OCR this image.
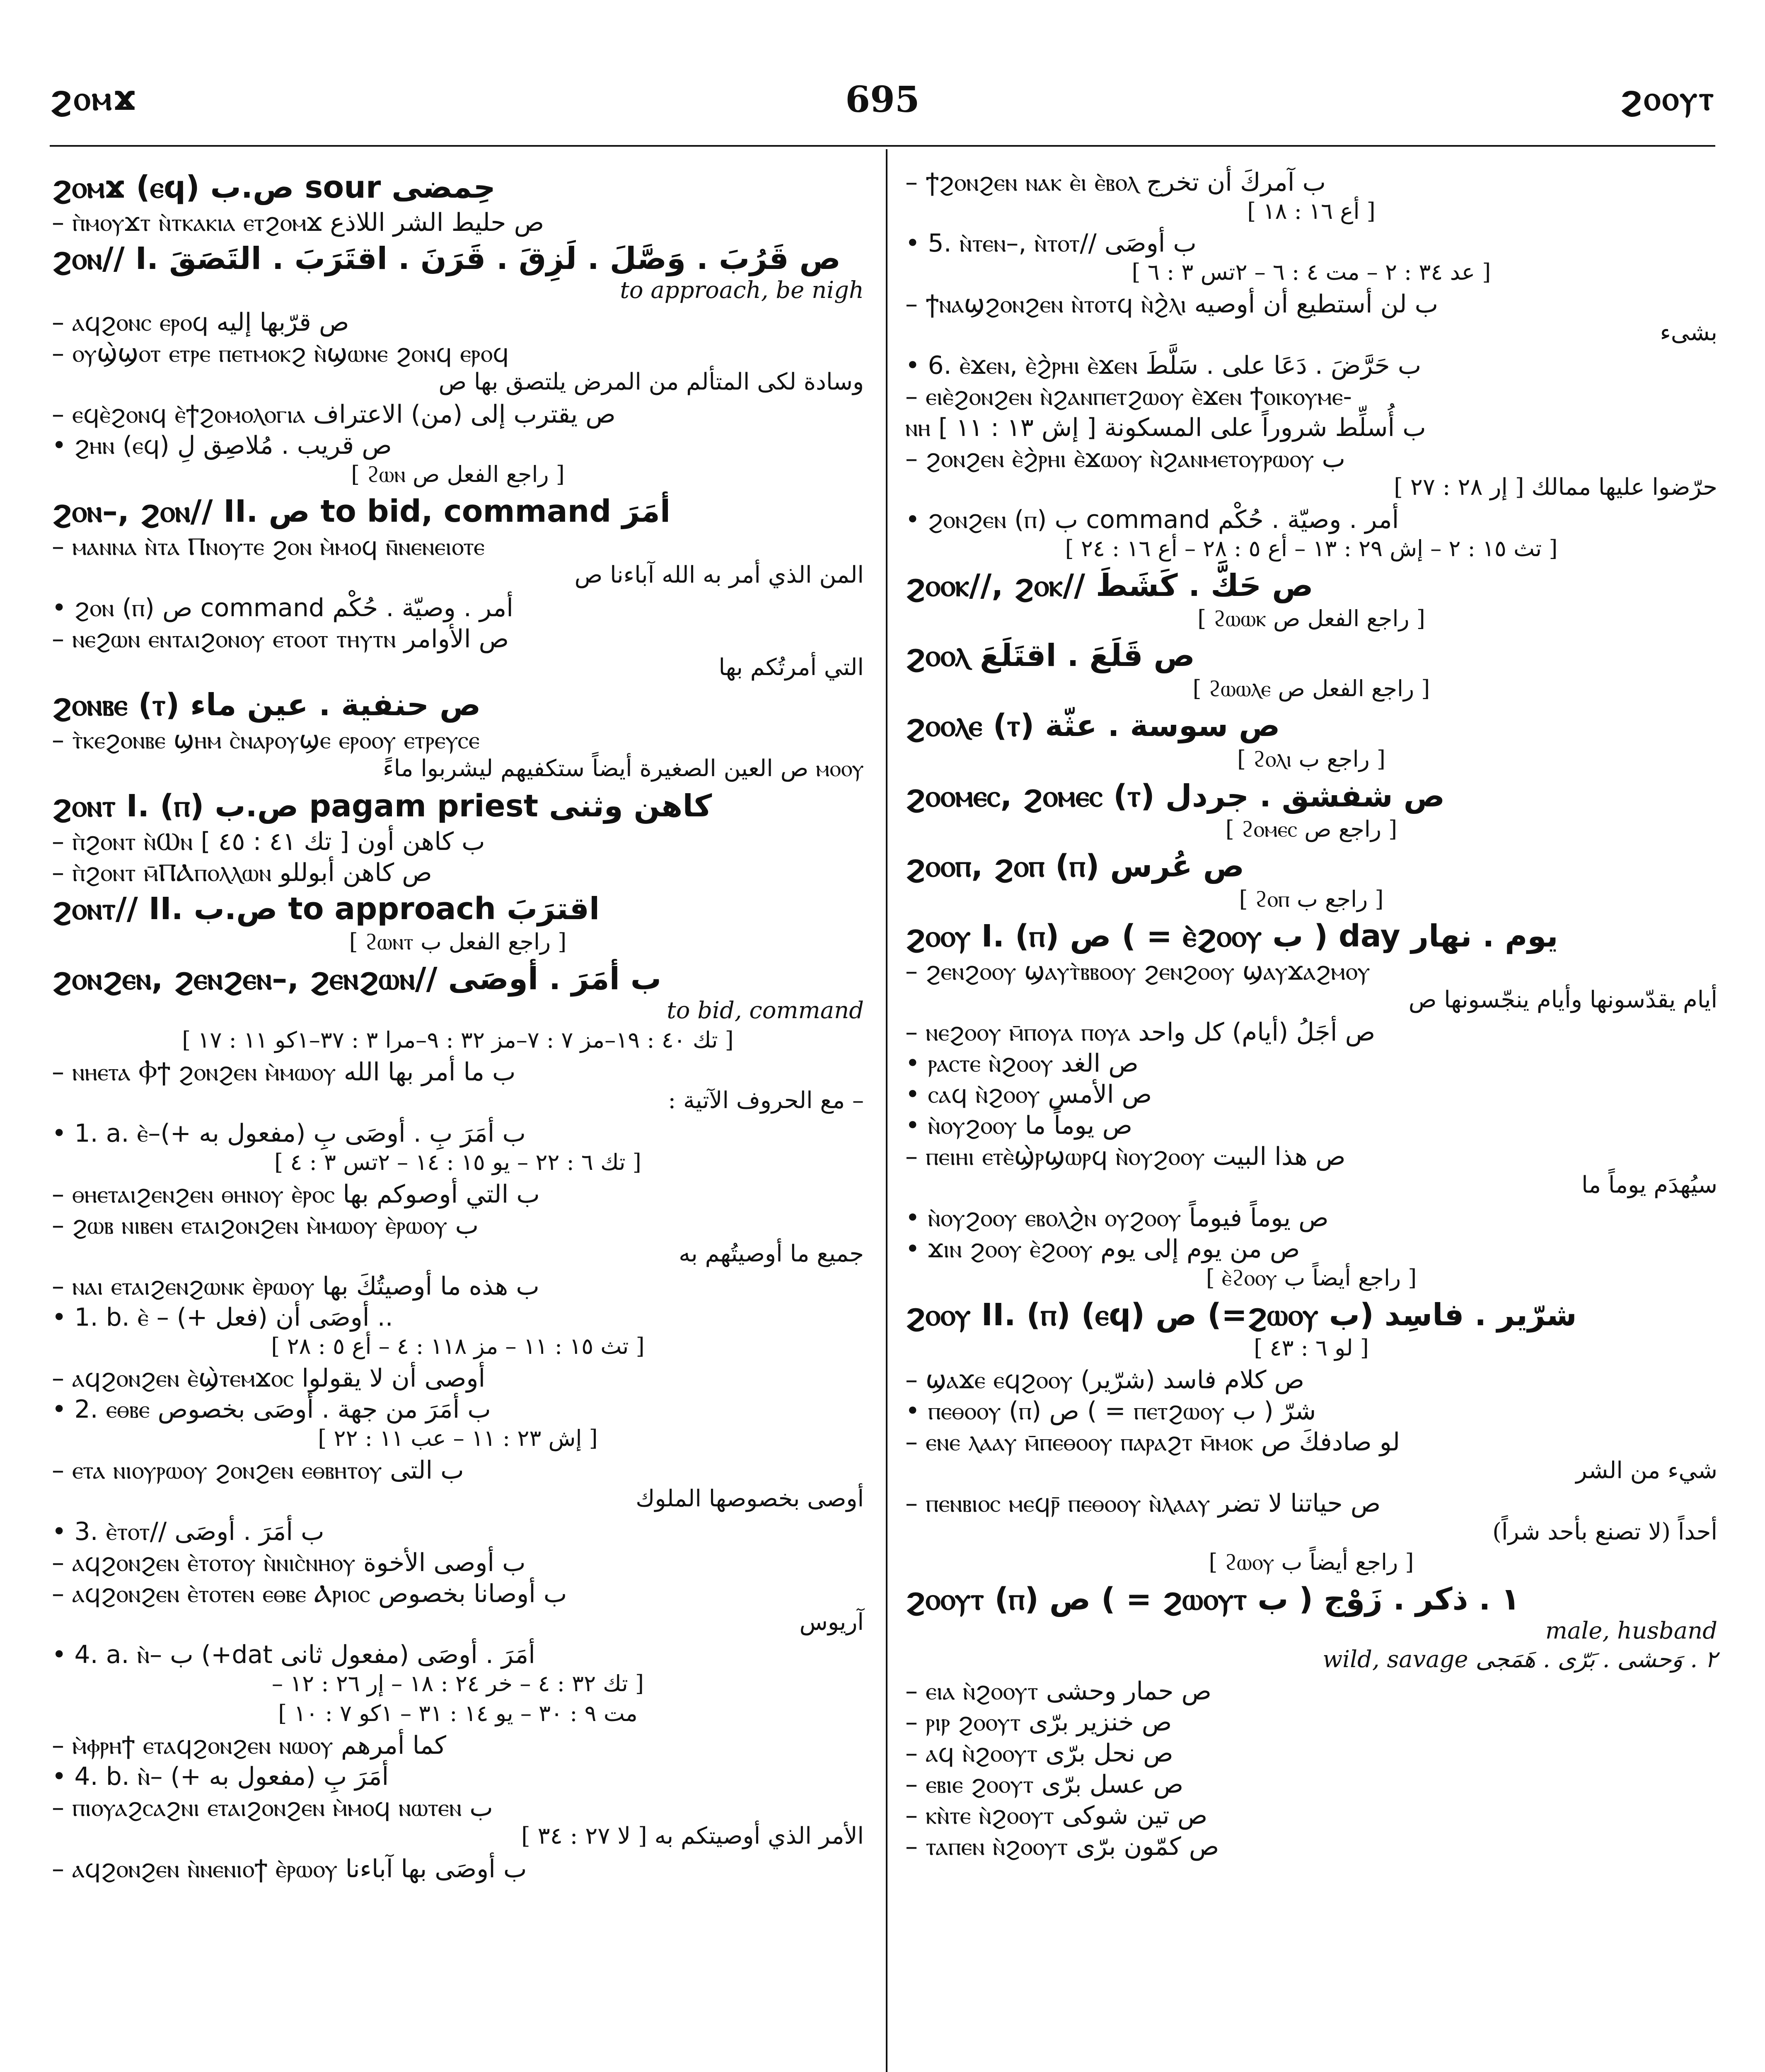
ϩⲟⲙϫ	695	ϩⲟⲟⲩⲧ
ϩⲟⲙϫ (ⲉϥ) ص.ب sour حِمضى
– ⲡ̀ⲙⲟⲩϫⲧ ⲛ̀ⲧⲕⲁⲕⲓⲁ ⲉⲧϩⲟⲙϫ ص حليط الشر اللاذع
ϩⲟⲛ// I. ص قَرُبَ . وَصَّلَ . لَزِقَ . قَرَنَ . اقتَرَبَ . التَصَقَ
to approach, be nigh
– ⲁϥϩⲟⲛⲥ ⲉⲣⲟϥ ص قرّبها إليه
– ⲟⲩϣ̀ϣⲟⲧ ⲉⲧⲣⲉ ⲡⲉⲧⲙⲟⲕϩ ⲛ̀ϣⲱⲛⲉ ϩⲟⲛϥ ⲉⲣⲟϥ
وسادة لكى المتألم من المرض يلتصق بها ص
– ⲉϥⲉ̀ϩⲟⲛϥ ⲉ̀ϯϩⲟⲙⲟⲗⲟⲅⲓⲁ ص يقترب إلى (من) الاعتراف
• ϩⲏⲛ (ⲉϥ) ص قريب . مُلاصِق لِ
[ راجع الفعل ص ϩⲱⲛ ]
ϩⲟⲛ–, ϩⲟⲛ// II. ص to bid, command أمَرَ
– ⲙⲁⲛⲛⲁ ⲛ̀ⲧⲁ Ⲡⲛⲟⲩⲧⲉ ϩⲟⲛ ⲙ̀ⲙⲟϥ ⲛ̄ⲛⲉⲛⲉⲓⲟⲧⲉ
المن الذي أمر به الله آباءنا ص
• ϩⲟⲛ (ⲡ) ص command أمر . وصيّة . حُكْم
– ⲛⲉϩⲱⲛ ⲉⲛⲧⲁⲓϩⲟⲛⲟⲩ ⲉⲧⲟⲟⲧ ⲧⲏⲩⲧⲛ ص الأوامر
التي أمرتُكم بها
ϩⲟⲛⲃⲉ (ⲧ) ص حنفية . عين ماء
– ⲧ̀ⲕⲉϩⲟⲛⲃⲉ ϣⲏⲙ ⲥ̀ⲛⲁⲣⲟⲩϣⲉ ⲉⲣⲟⲟⲩ ⲉⲧⲣⲉⲩⲥⲉ
ⲙⲟⲟⲩ ص العين الصغيرة أيضاً ستكفيهم ليشربوا ماءً
ϩⲟⲛⲧ I. (ⲡ) ص.ب pagam priest كاهن وثنى
– ⲡ̀ϩⲟⲛⲧ ⲛ̀Ⲱⲛ ب كاهن أون [ تك ٤١ : ٤٥ ]
– ⲡ̀ϩⲟⲛⲧ ⲙ̄ⲠⲀⲡⲟⲗⲗⲱⲛ ص كاهن أبوللو
ϩⲟⲛⲧ// II. ص.ب to approach اقترَبَ
[ راجع الفعل ب ϩⲱⲛⲧ ]
ϩⲟⲛϩⲉⲛ, ϩⲉⲛϩⲉⲛ–, ϩⲉⲛϩⲱⲛ// ب أمَرَ . أوصَى
to bid, command
[ تك ٤٠ : ١٩–مز ٧ : ٧–مز ٣٢ : ٩–مرا ٣ : ٣٧–١كو ١١ : ١٧ ]
– ⲛⲏⲉⲧⲁ Ⲫϯ ϩⲟⲛϩⲉⲛ ⲙ̀ⲙⲱⲟⲩ ب ما أمر بها الله
– مع الحروف الآتية :
• 1. a. ⲉ̀–(+ مفعول به) ب أمَرَ بِ . أوصَى بِ
[ تك ٦ : ٢٢ – يو ١٥ : ١٤ – ٢تس ٣ : ٤ ]
– ⲑⲏⲉⲧⲁⲓϩⲉⲛϩⲉⲛ ⲑⲏⲛⲟⲩ ⲉ̀ⲣⲟⲥ ب التي أوصوكم بها
– ϩⲱⲃ ⲛⲓⲃⲉⲛ ⲉⲧⲁⲓϩⲟⲛϩⲉⲛ ⲙ̀ⲙⲱⲟⲩ ⲉ̀ⲣⲱⲟⲩ ب
جميع ما أوصيتُهم به
– ⲛⲁⲓ ⲉⲧⲁⲓϩⲉⲛϩⲱⲛⲕ ⲉ̀ⲣⲱⲟⲩ ب هذه ما أوصيتُكَ بها
• 1. b. ⲉ̀ – (+ فعل) أوصَى أن ..
[ تث ١٥ : ١١ – مز ١١٨ : ٤ – أع ٥ : ٢٨ ]
– ⲁϥϩⲟⲛϩⲉⲛ ⲉ̀ϣ̀ⲧⲉⲙϫⲟⲥ أوصى أن لا يقولوا
• 2. ⲉⲑⲃⲉ ب أمَرَ من جهة . أوصَى بخصوص
[ إش ٢٣ : ١١ – عب ١١ : ٢٢ ]
– ⲉⲧⲁ ⲛⲓⲟⲩⲣⲱⲟⲩ ϩⲟⲛϩⲉⲛ ⲉⲑⲃⲏⲧⲟⲩ ب التى
أوصى بخصوصها الملوك
• 3. ⲉ̀ⲧⲟⲧ// ب أمَرَ . أوصَى
– ⲁϥϩⲟⲛϩⲉⲛ ⲉ̀ⲧⲟⲧⲟⲩ ⲛ̀ⲛⲓⲥ̀ⲛⲏⲟⲩ ب أوصى الأخوة
– ⲁϥϩⲟⲛϩⲉⲛ ⲉ̀ⲧⲟⲧⲉⲛ ⲉⲑⲃⲉ Ⲁⲣⲓⲟⲥ ب أوصانا بخصوص
آريوس
• 4. a. ⲛ̀– ب (+dat مفعول ثانى) أمَرَ . أوصَى
[ تك ٣٢ : ٤ – خر ٢٤ : ١٨ – إر ٢٦ : ١٢ –
مت ٩ : ٣٠ – يو ١٤ : ٣١ – ١كو ٧ : ١٠ ]
– ⲙ̀ⲫⲣⲏϯ ⲉⲧⲁϥϩⲟⲛϩⲉⲛ ⲛⲱⲟⲩ كما أمرهم
• 4. b. ⲛ̀– (+ مفعول به) أمَرَ بِ
– ⲡⲓⲟⲩⲁϩⲥⲁϩⲛⲓ ⲉⲧⲁⲓϩⲟⲛϩⲉⲛ ⲙ̀ⲙⲟϥ ⲛⲱⲧⲉⲛ ب
الأمر الذي أوصيتكم به [ لا ٢٧ : ٣٤ ]
– ⲁϥϩⲟⲛϩⲉⲛ ⲛ̀ⲛⲉⲛⲓⲟϯ ⲉ̀ⲣⲱⲟⲩ ب أوصَى بها آباءنا
– ϯϩⲟⲛϩⲉⲛ ⲛⲁⲕ ⲉ̀ⲓ ⲉ̀ⲃⲟⲗ ب آمركَ أن تخرج
[ أع ١٦ : ١٨ ]
• 5. ⲛ̀ⲧⲉⲛ–, ⲛ̀ⲧⲟⲧ// ب أوصَى
[ عد ٣٤ : ٢ – مت ٤ : ٦ – ٢تس ٣ : ٦ ]
– ϯⲛⲁϣϩⲟⲛϩⲉⲛ ⲛ̀ⲧⲟⲧϥ ⲛ̀ϩ̀ⲗⲓ ب لن أستطيع أن أوصيه
بشىء
• 6. ⲉ̀ϫⲉⲛ, ⲉ̀ϩ̀ⲣⲏⲓ ⲉ̀ϫⲉⲛ ب حَرَّضَ . دَعَا على . سَلَّطَ
– ⲉⲓⲉ̀ϩⲟⲛϩⲉⲛ ⲛ̀ϩⲁⲛⲡⲉⲧϩⲱⲟⲩ ⲉ̀ϫⲉⲛ ϯⲟⲓⲕⲟⲩⲙⲉ-
ⲛⲏ ب أُسلِّط شروراً على المسكونة [ إش ١٣ : ١١ ]
– ϩⲟⲛϩⲉⲛ ⲉ̀ϩ̀ⲣⲏⲓ ⲉ̀ϫⲱⲟⲩ ⲛ̀ϩⲁⲛⲙⲉⲧⲟⲩⲣⲱⲟⲩ ب
حرّضوا عليها ممالك [ إر ٢٨ : ٢٧ ]
• ϩⲟⲛϩⲉⲛ (ⲡ) ب command أمر . وصيّة . حُكْم
[ تث ١٥ : ٢ – إش ٢٩ : ١٣ – أع ٥ : ٢٨ – أع ١٦ : ٢٤ ]
ϩⲟⲟⲕ//, ϩⲟⲕ// ص حَكَّ . كَشَطَ
[ راجع الفعل ص ϩⲱⲱⲕ ]
ϩⲟⲟⲗ ص قَلَعَ . اقتَلَعَ
[ راجع الفعل ص ϩⲱⲱⲗⲉ ]
ϩⲟⲟⲗⲉ (ⲧ) ص سوسة . عثّة
[ راجع ب ϩⲟⲗⲓ ]
ϩⲟⲟⲙⲉⲥ, ϩⲟⲙⲉⲥ (ⲧ) ص شفشق . جردل
[ راجع ص ϩⲟⲙⲉⲥ ]
ϩⲟⲟⲡ, ϩⲟⲡ (ⲡ) ص عُرس
[ راجع ب ϩⲟⲡ ]
ϩⲟⲟⲩ I. (ⲡ) ص ( = ⲉ̀ϩⲟⲟⲩ ب ) day يوم . نهار
– ϩⲉⲛϩⲟⲟⲩ ϣⲁⲩⲧ̀ⲃⲃⲟⲟⲩ ϩⲉⲛϩⲟⲟⲩ ϣⲁⲩϫⲁϩⲙⲟⲩ
أيام يقدّسونها وأيام ينجّسونها ص
– ⲛⲉϩⲟⲟⲩ ⲙ̄ⲡⲟⲩⲁ ⲡⲟⲩⲁ ص أجَلُ (أيام) كل واحد
• ⲣⲁⲥⲧⲉ ⲛ̀ϩⲟⲟⲩ ص الغد
• ⲥⲁϥ ⲛ̀ϩⲟⲟⲩ ص الأمس
• ⲛ̀ⲟⲩϩⲟⲟⲩ ص يوماً ما
– ⲡⲉⲓⲏⲓ ⲉⲧⲉ̀ϣ̀ⲣϣⲱⲣϥ ⲛ̀ⲟⲩϩⲟⲟⲩ ص هذا البيت
سيُهدَم يوماً ما
• ⲛ̀ⲟⲩϩⲟⲟⲩ ⲉⲃⲟⲗϩ̀ⲛ ⲟⲩϩⲟⲟⲩ ص يوماً فيوماً
• ϫⲓⲛ ϩⲟⲟⲩ ⲉ̀ϩⲟⲟⲩ ص من يوم إلى يوم
[ راجع أيضاً ب ⲉ̀ϩⲟⲟⲩ ]
ϩⲟⲟⲩ II. (ⲡ) (ⲉϥ) ص (=ϩⲱⲟⲩ ب) شرّير . فاسِد
[ لو ٦ : ٤٣ ]
– ϣⲁϫⲉ ⲉϥϩⲟⲟⲩ ص كلام فاسد (شرّير)
• ⲡⲉⲑⲟⲟⲩ (ⲡ) ص ( = ⲡⲉⲧϩⲱⲟⲩ ب ) شرّ
– ⲉⲛⲉ ⲗⲁⲁⲩ ⲙ̄ⲡⲉⲑⲟⲟⲩ ⲡⲁⲣⲁϩⲧ ⲙ̄ⲙⲟⲕ لو صادفكَ ص
شيء من الشر
– ⲡⲉⲛⲃⲓⲟⲥ ⲙⲉϥⲣ̄ ⲡⲉⲑⲟⲟⲩ ⲛ̀ⲗⲁⲁⲩ ص حياتنا لا تضر
أحداً (لا تصنع بأحد شراً)
[ راجع أيضاً ب ϩⲱⲟⲩ ]
ϩⲟⲟⲩⲧ (ⲡ) ص ( = ϩⲱⲟⲩⲧ ب ) ١ . ذكر . زَوْج
male, husband
wild, savage ٢ . وَحشى . بَرّى . هَمَجى
– ⲉⲓⲁ ⲛ̀ϩⲟⲟⲩⲧ ص حمار وحشى
– ⲣⲓⲣ ϩⲟⲟⲩⲧ ص خنزير برّى
– ⲁϥ ⲛ̀ϩⲟⲟⲩⲧ ص نحل برّى
– ⲉⲃⲓⲉ ϩⲟⲟⲩⲧ ص عسل برّى
– ⲕⲛ̀ⲧⲉ ⲛ̀ϩⲟⲟⲩⲧ ص تين شوكى
– ⲧⲁⲡⲉⲛ ⲛ̀ϩⲟⲟⲩⲧ ص كمّون برّى
